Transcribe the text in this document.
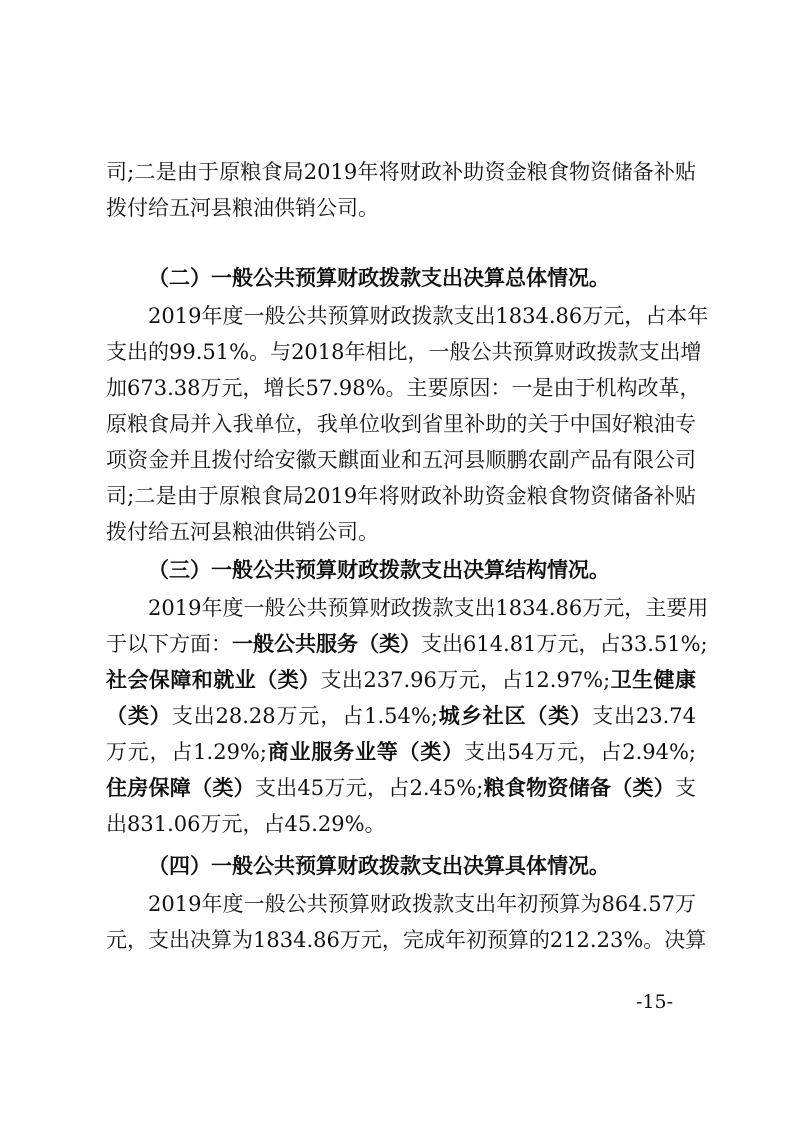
司;二是由于原粮食局2019年将财政补助资金粮食物资储备补贴
拨付给五河县粮油供销公司。
（二）一般公共预算财政拨款支出决算总体情况。
2019年度一般公共预算财政拨款支出1834.86万元，占本年
支出的99.51%。与2018年相比，一般公共预算财政拨款支出增
加673.38万元，增长57.98%。主要原因：一是由于机构改革，
原粮食局并入我单位，我单位收到省里补助的关于中国好粮油专
项资金并且拨付给安徽天麒面业和五河县顺鹏农副产品有限公司
司;二是由于原粮食局2019年将财政补助资金粮食物资储备补贴
拨付给五河县粮油供销公司。
（三）一般公共预算财政拨款支出决算结构情况。
2019年度一般公共预算财政拨款支出1834.86万元，主要用
于以下方面：一般公共服务（类）支出614.81万元，占33.51%;
社会保障和就业（类）支出237.96万元，占12.97%;卫生健康
（类）支出28.28万元，占1.54%;城乡社区（类）支出23.74
万元，占1.29%;商业服务业等（类）支出54万元，占2.94%;
住房保障（类）支出45万元，占2.45%;粮食物资储备（类）支
出831.06万元，占45.29%。
（四）一般公共预算财政拨款支出决算具体情况。
2019年度一般公共预算财政拨款支出年初预算为864.57万
元，支出决算为1834.86万元，完成年初预算的212.23%。决算
-15-
